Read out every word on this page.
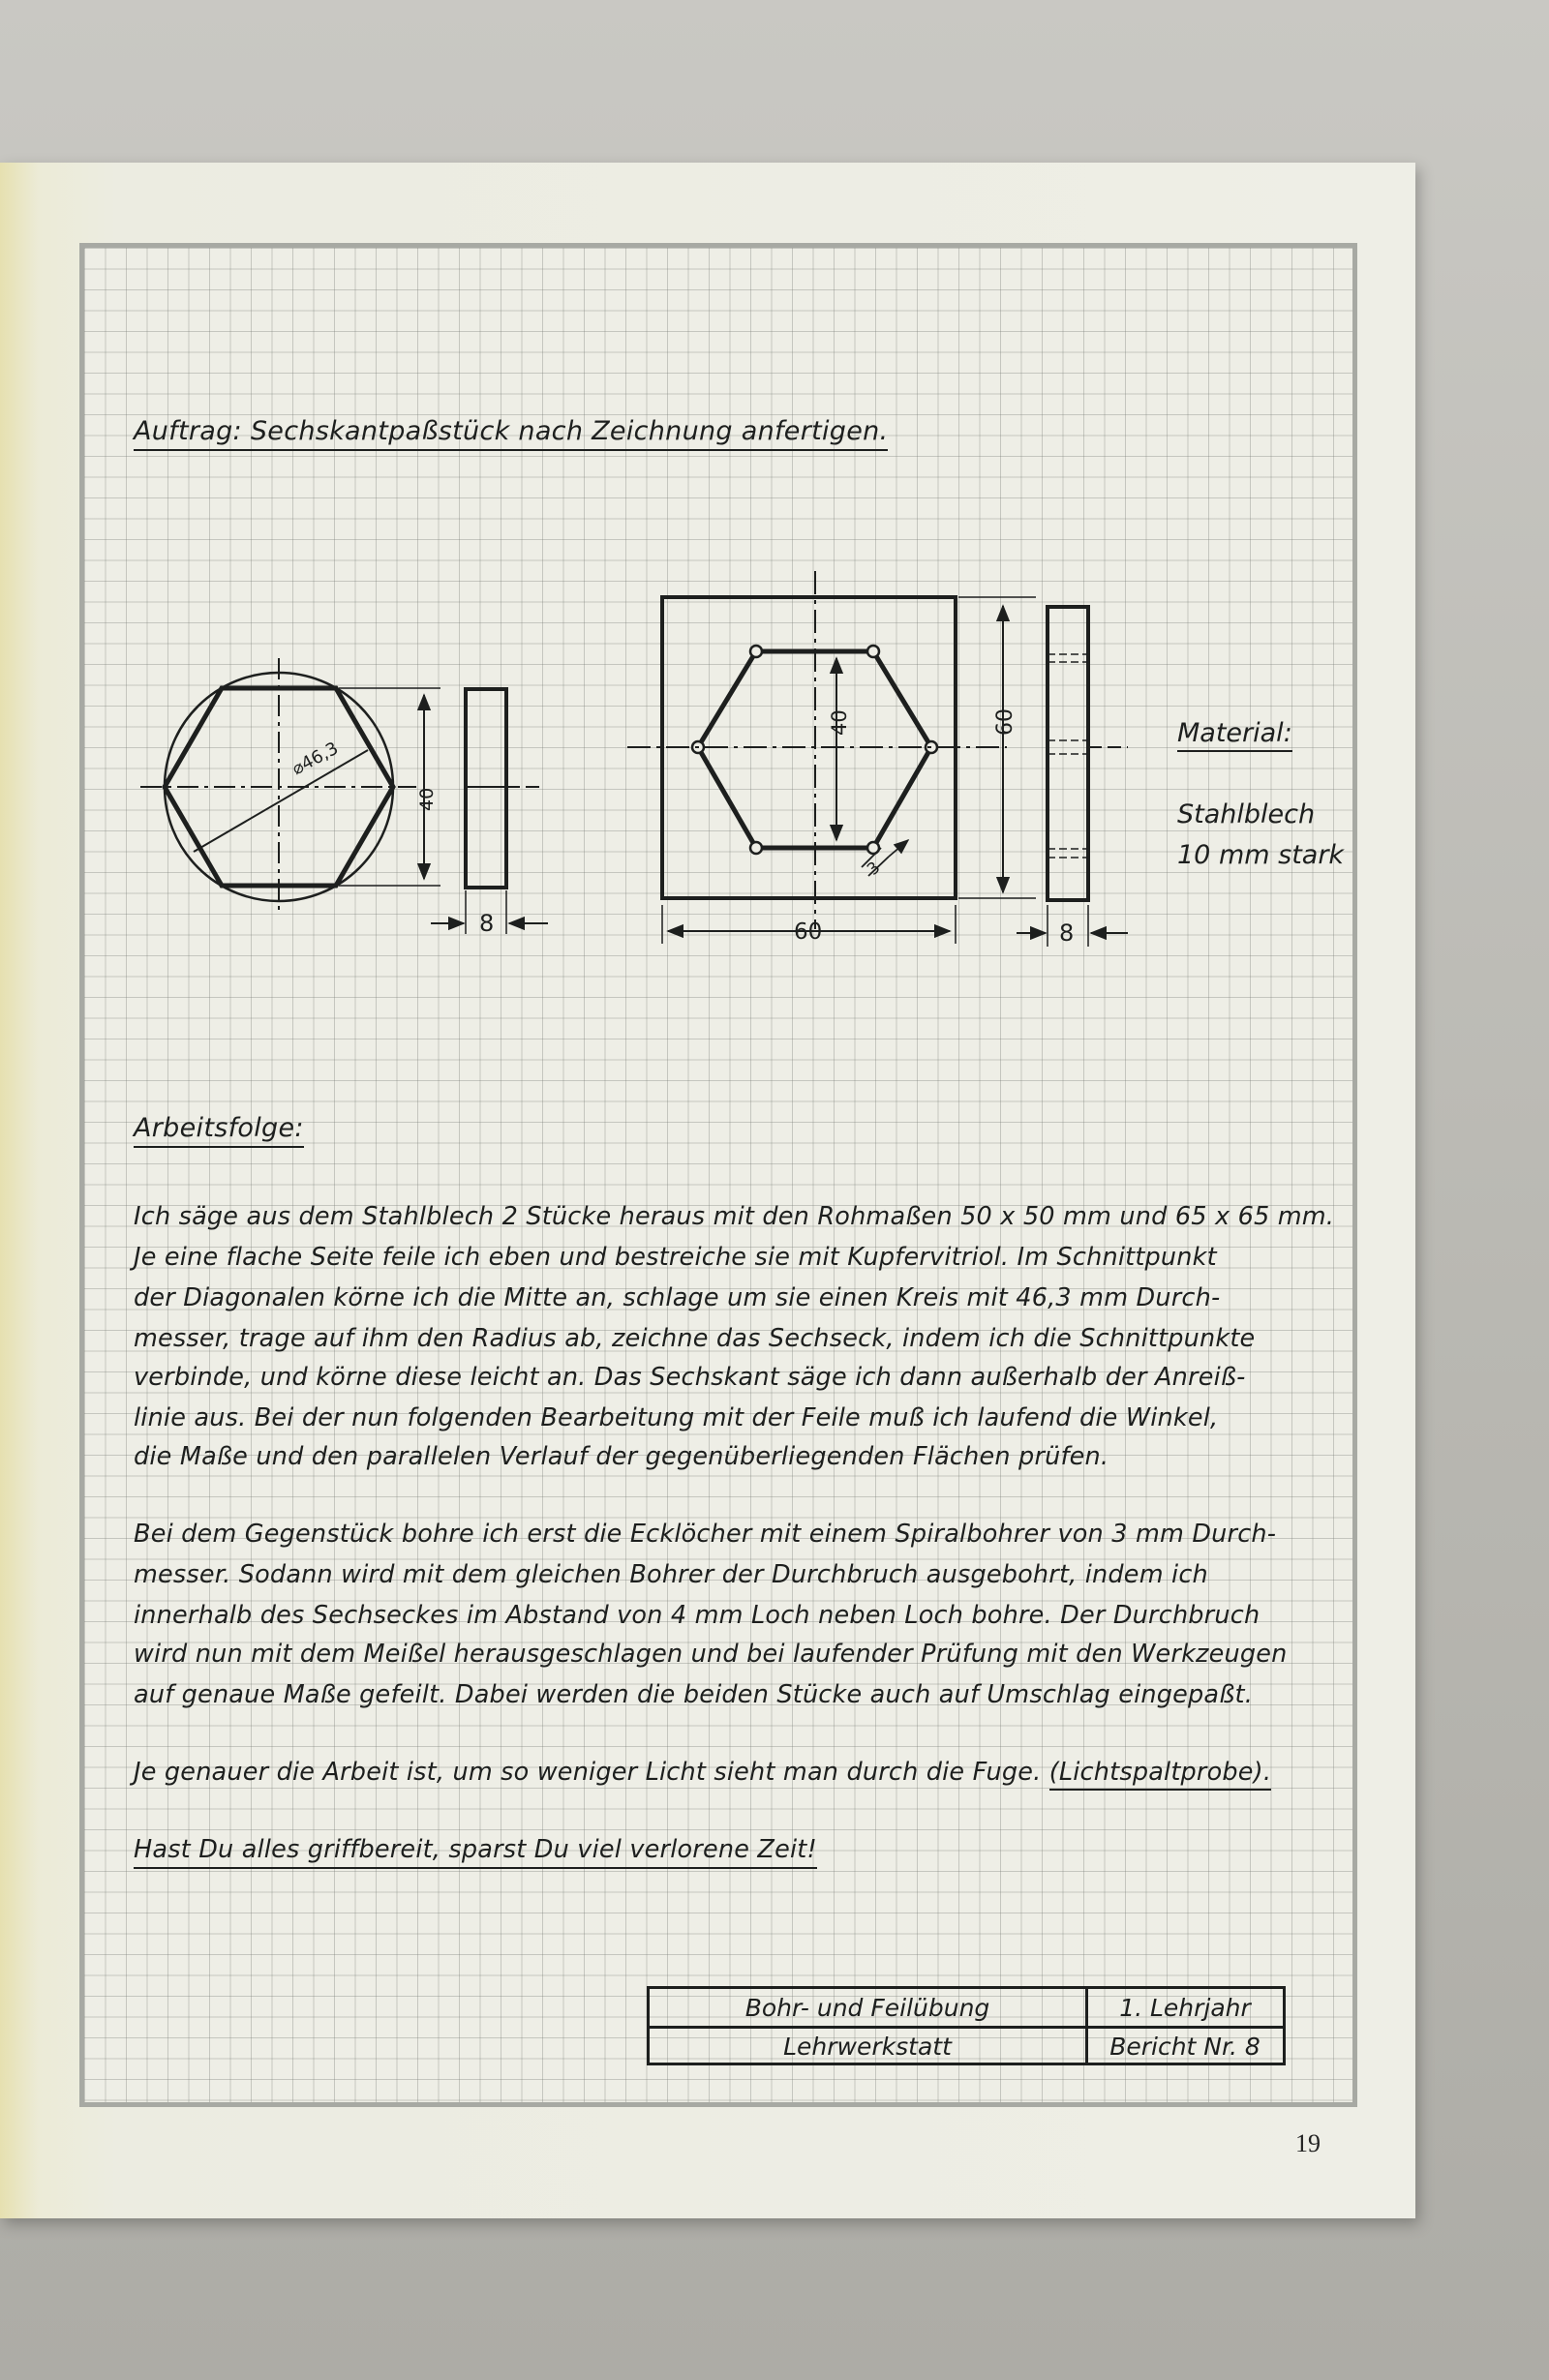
Auftrag: Sechskantpaßstück nach Zeichnung anfertigen.
⌀46,3
40
8
40	60
60	8
3
Material:
Stahlblech
10 mm stark
Arbeitsfolge:
Ich säge aus dem Stahlblech 2 Stücke heraus mit den Rohmaßen 50 x 50 mm und 65 x 65 mm.
Je eine flache Seite feile ich eben und bestreiche sie mit Kupfervitriol. Im Schnittpunkt
der Diagonalen körne ich die Mitte an, schlage um sie einen Kreis mit 46,3 mm Durch-
messer, trage auf ihm den Radius ab, zeichne das Sechseck, indem ich die Schnittpunkte
verbinde, und körne diese leicht an. Das Sechskant säge ich dann außerhalb der Anreiß-
linie aus. Bei der nun folgenden Bearbeitung mit der Feile muß ich laufend die Winkel,
die Maße und den parallelen Verlauf der gegenüberliegenden Flächen prüfen.
Bei dem Gegenstück bohre ich erst die Ecklöcher mit einem Spiralbohrer von 3 mm Durch-
messer. Sodann wird mit dem gleichen Bohrer der Durchbruch ausgebohrt, indem ich
innerhalb des Sechseckes im Abstand von 4 mm Loch neben Loch bohre. Der Durchbruch
wird nun mit dem Meißel herausgeschlagen und bei laufender Prüfung mit den Werkzeugen
auf genaue Maße gefeilt. Dabei werden die beiden Stücke auch auf Umschlag eingepaßt.
Je genauer die Arbeit ist, um so weniger Licht sieht man durch die Fuge. (Lichtspaltprobe).
Hast Du alles griffbereit, sparst Du viel verlorene Zeit!
Bohr- und Feilübung
Lehrwerkstatt
1. Lehrjahr
Bericht Nr. 8
19
